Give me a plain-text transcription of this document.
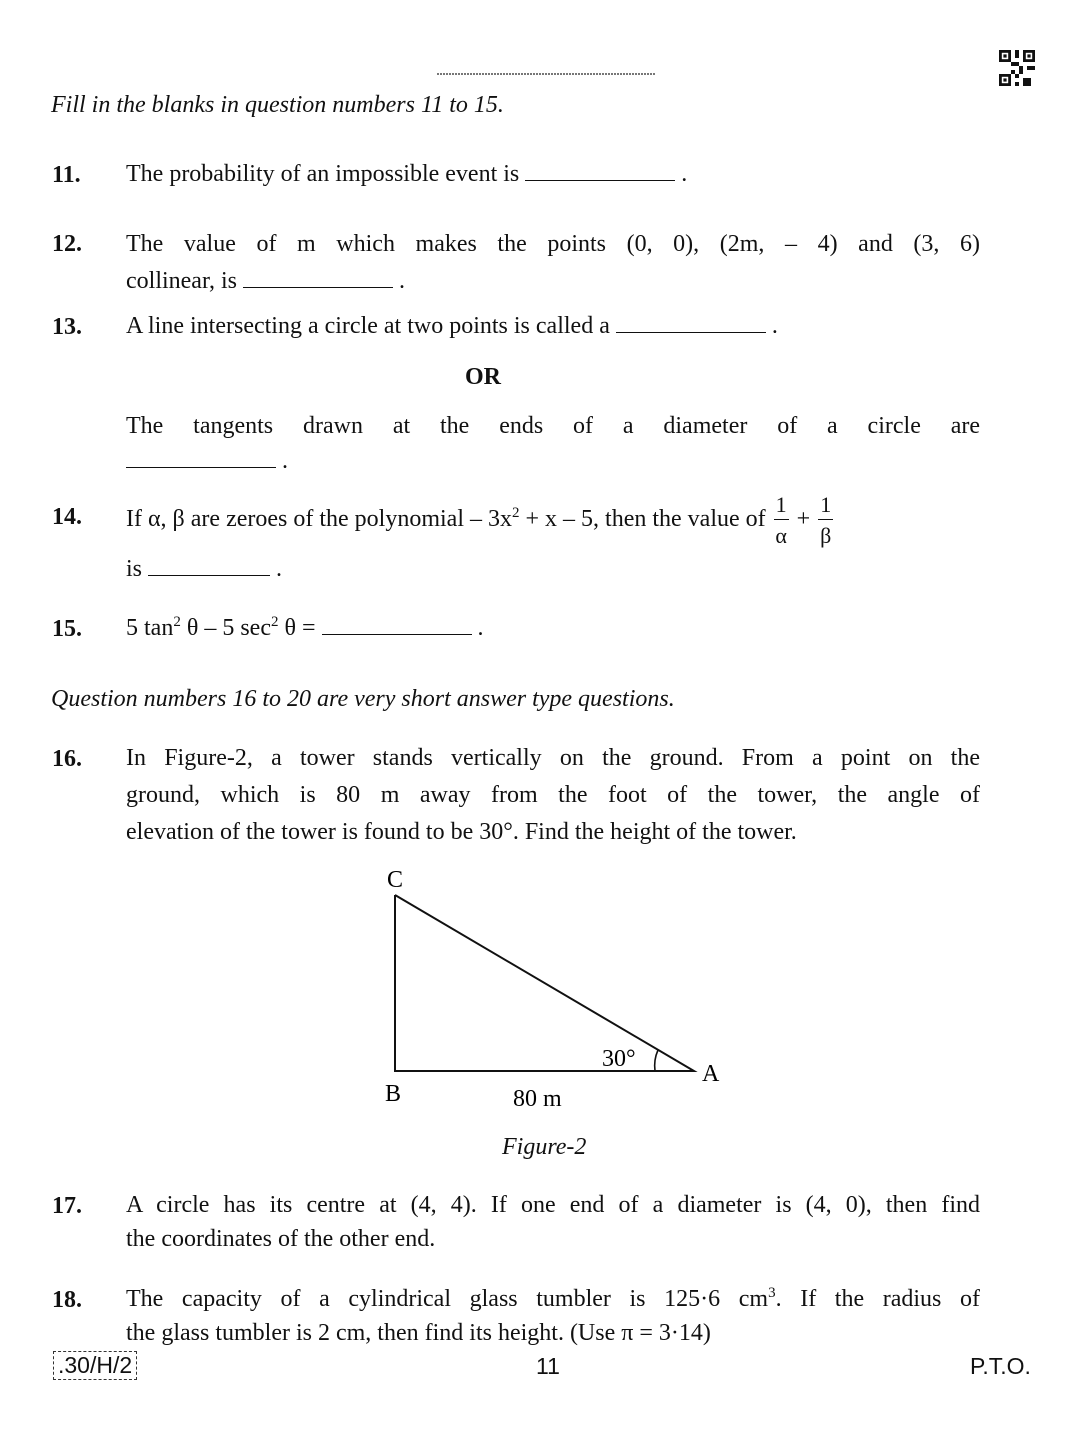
Fill in the blanks in question numbers 11 to 15.
11. The probability of an impossible event is	.
12. The value of m which makes the points (0, 0), (2m, – 4) and (3, 6)
collinear, is	.
13. A line intersecting a circle at two points is called a	.
OR
The tangents drawn at the ends of a diameter of a circle are
.
14. If α, β are zeroes of the polynomial – $3x^2 + x - 5$, then the value of $\frac{1}{\alpha} + \frac{1}{\beta}$
is	.
15. 5 $\tan^2 \theta - 5$ $\sec^2 \theta$ =	.
Question numbers 16 to 20 are very short answer type questions.
16. In Figure-2, a tower stands vertically on the ground. From a point on the
ground, which is 80 m away from the foot of the tower, the angle of
elevation of the tower is found to be 30°. Find the height of the tower.
C
B
A
30°
80 m
Figure-2
17. A circle has its centre at (4, 4). If one end of a diameter is (4, 0), then find
the coordinates of the other end.
18. The capacity of a cylindrical glass tumbler is 125·6 $cm^3$. If the radius of
the glass tumbler is 2 cm, then find its height. (Use π = 3·14)
.30/H/2	11	P.T.O.
